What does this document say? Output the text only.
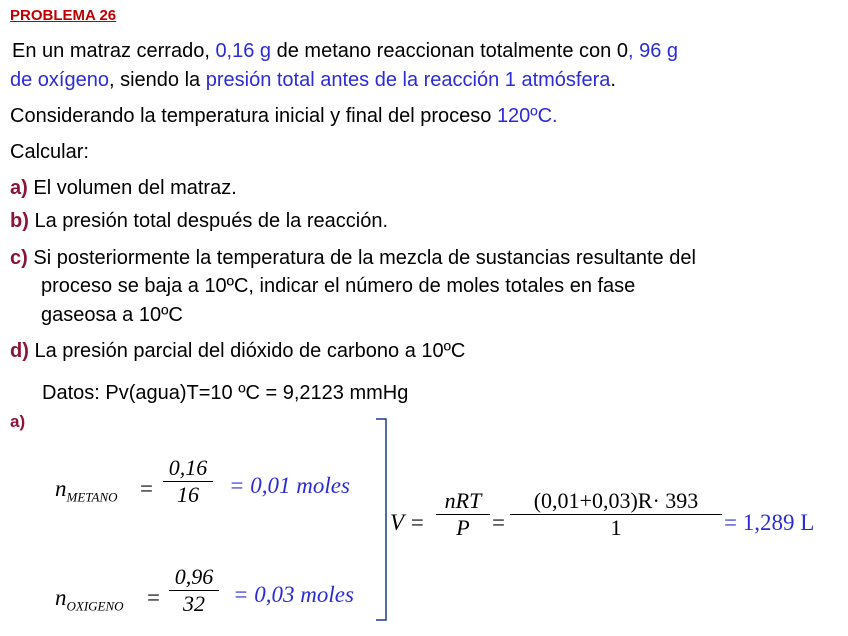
PROBLEMA 26
En un matraz cerrado, 0,16 g de metano reaccionan totalmente con 0, 96 g
de oxígeno, siendo la presión total antes de la reacción 1 atmósfera.
Considerando la temperatura inicial y final del proceso 120ºC.
Calcular:
a) El volumen del matraz.
b) La presión total después de la reacción.
c) Si posteriormente la temperatura de la mezcla de sustancias resultante del
proceso se baja a 10ºC, indicar el número de moles totales en fase
gaseosa a 10ºC
d) La presión parcial del dióxido de carbono a 10ºC
Datos: Pv(agua)T=10 ºC = 9,2123 mmHg
a)
$n_{METANO} = \frac{0,16}{16} = 0,01$ moles
$n_{OXIGENO} = \frac{0,96}{32} = 0,03$ moles
V =
nRT
$P = \frac{(0,01+0,03)R\cdot 393}{1} = 1,289$ L
